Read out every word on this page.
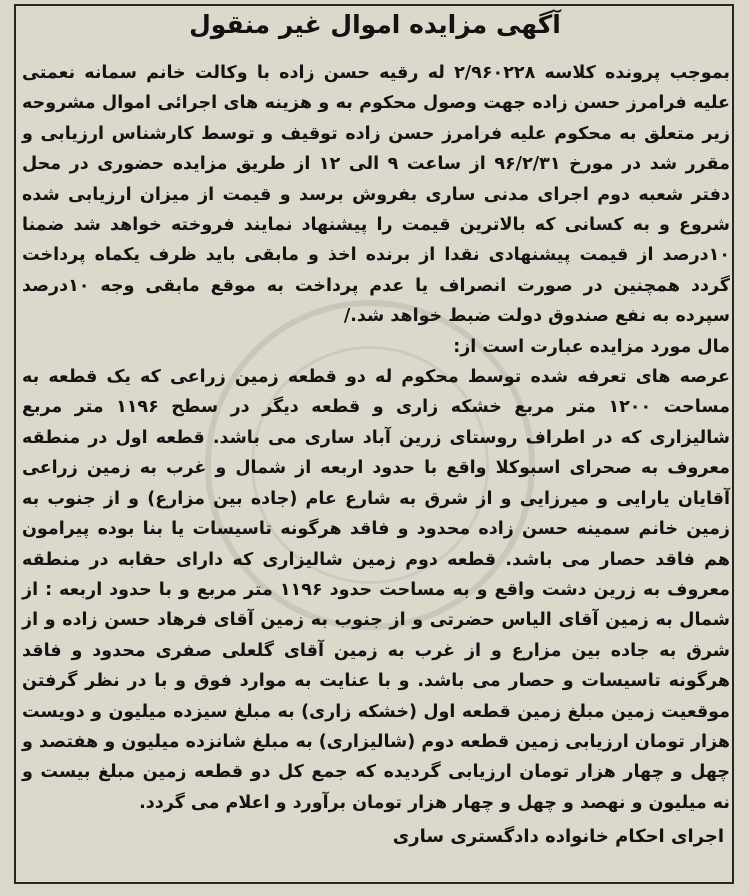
آگهی مزایده اموال غیر منقول

بموجب پرونده کلاسه ۲/۹۶۰۲۲۸ له رقیه حسن زاده با وکالت خانم سمانه نعمتی علیه فرامرز حسن زاده جهت وصول محکوم به و هزینه های اجرائی اموال مشروحه زیر متعلق به محکوم علیه فرامرز حسن زاده توقیف و توسط کارشناس ارزیابی و مقرر شد در مورخ ۹۶/۲/۳۱ از ساعت ۹ الی ۱۲ از طریق مزایده حضوری در محل دفتر شعبه دوم اجرای مدنی ساری بفروش برسد و قیمت از میزان ارزیابی شده شروع و به کسانی که بالاترین قیمت را پیشنهاد نمایند فروخته خواهد شد ضمنا ۱۰درصد از قیمت پیشنهادی نقدا از برنده اخذ و مابقی باید ظرف یکماه پرداخت گردد همچنین در صورت انصراف یا عدم پرداخت به موقع مابقی وجه ۱۰درصد سپرده به نفع صندوق دولت ضبط خواهد شد./

مال مورد مزایده عبارت است از:

عرصه های تعرفه شده توسط محکوم له دو قطعه زمین زراعی که یک قطعه به مساحت ۱۲۰۰ متر مربع خشکه زاری و قطعه دیگر در سطح ۱۱۹۶ متر مربع شالیزاری که در اطراف روستای زرین آباد ساری می باشد. قطعه اول در منطقه معروف به صحرای اسبوکلا واقع با حدود اربعه از شمال و غرب به زمین زراعی آقایان یارایی و میرزایی و از شرق به شارع عام (جاده بین مزارع) و از جنوب به زمین خانم سمینه حسن زاده محدود و فاقد هرگونه تاسیسات یا بنا بوده پیرامون هم فاقد حصار می باشد. قطعه دوم زمین شالیزاری که دارای حقابه در منطقه معروف به زرین دشت واقع و به مساحت حدود ۱۱۹۶ متر مربع و با حدود اربعه : از شمال به زمین آقای الیاس حضرتی و از جنوب به زمین آقای فرهاد حسن زاده و از شرق به جاده بین مزارع و از غرب به زمین آقای گلعلی صفری محدود و فاقد هرگونه تاسیسات و حصار می باشد. و با عنایت به موارد فوق و با در نظر گرفتن موقعیت زمین مبلغ زمین قطعه اول (خشکه زاری) به مبلغ سیزده میلیون و دویست هزار تومان ارزیابی زمین قطعه دوم (شالیزاری) به مبلغ شانزده میلیون و هفتصد و چهل و چهار هزار تومان ارزیابی گردیده که جمع کل دو قطعه زمین مبلغ بیست و نه میلیون و نهصد و چهل و چهار هزار تومان برآورد و اعلام می گردد.

اجرای احکام خانواده دادگستری ساری
